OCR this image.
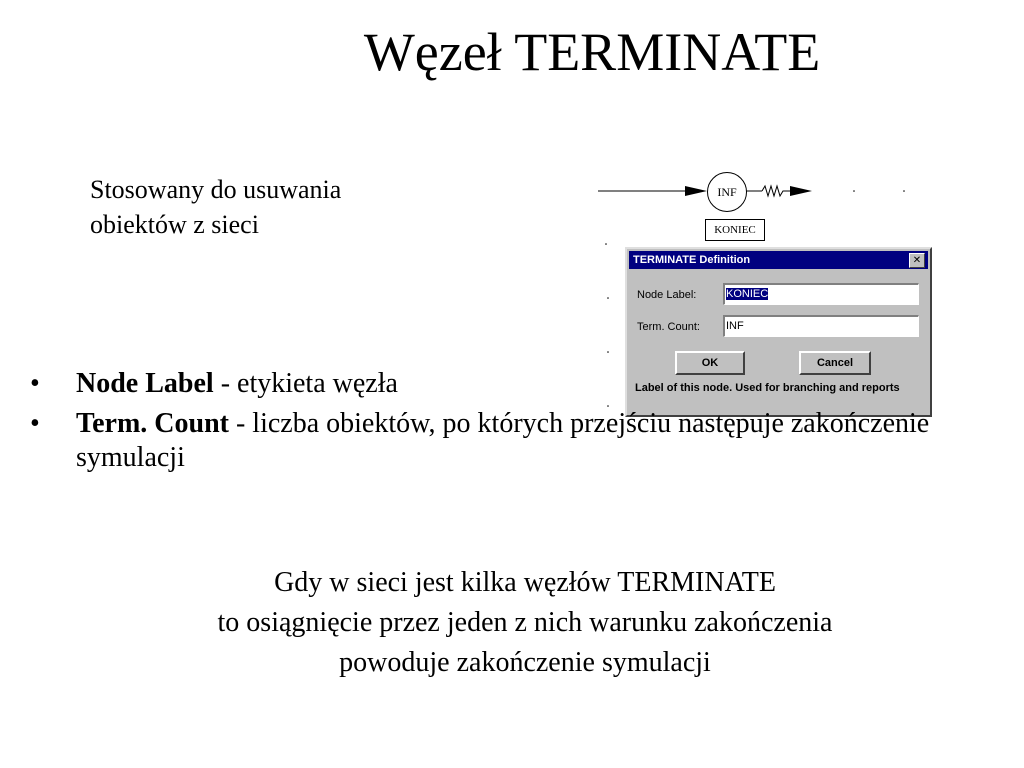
Węzeł TERMINATE
Stosowany do usuwania
obiektów z sieci
INF
KONIEC
TERMINATE Definition	✕
Node Label:	KONIEC
Term. Count: INF
OK	Cancel
Label of this node. Used for branching and reports
• Node Label - etykieta węzła
• Term. Count - liczba obiektów, po których przejściu następuje zakończenie symulacji
Gdy w sieci jest kilka węzłów TERMINATE
to osiągnięcie przez jeden z nich warunku zakończenia
powoduje zakończenie symulacji
